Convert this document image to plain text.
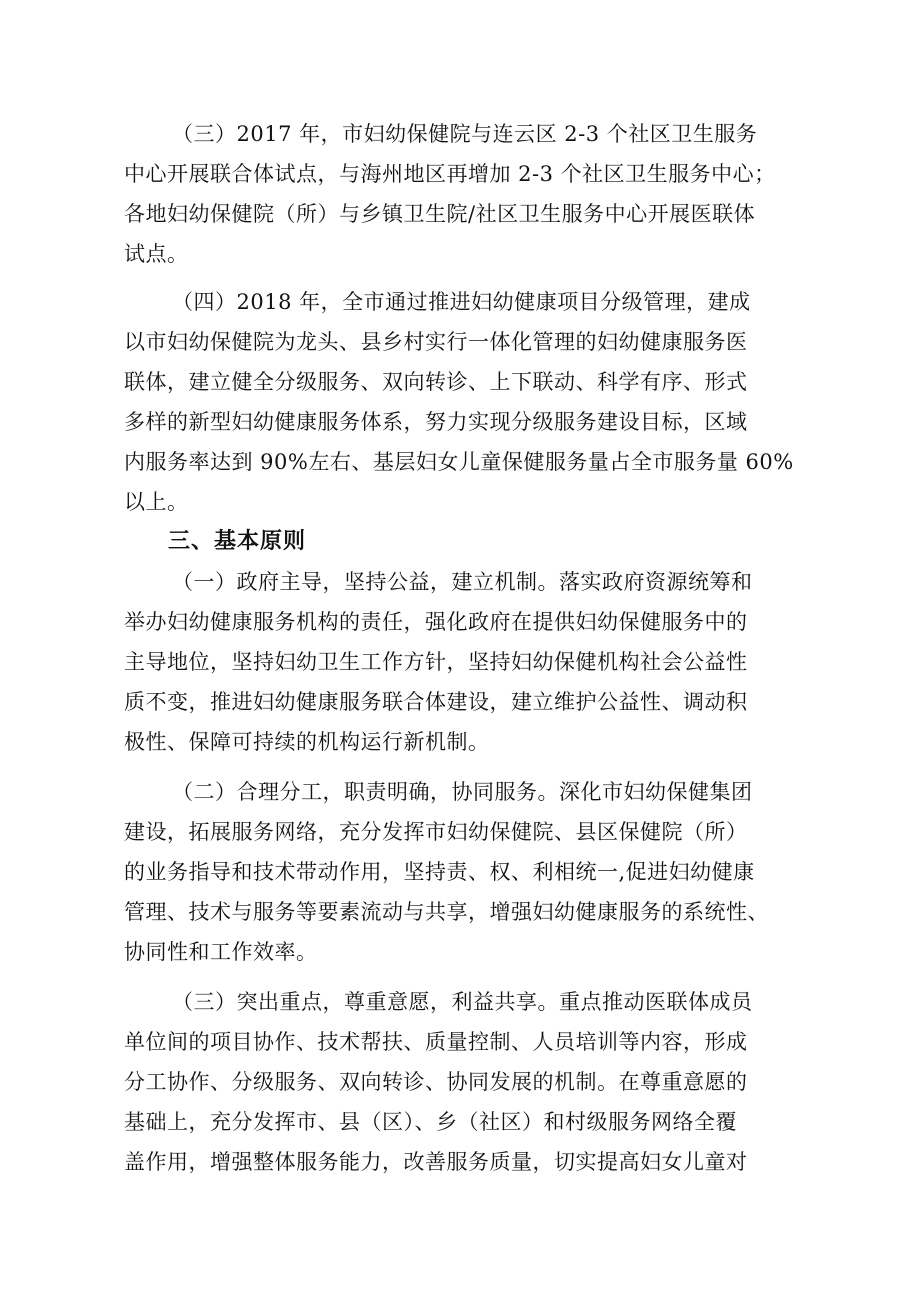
（三）2017 年，市妇幼保健院与连云区 2-3 个社区卫生服务
中心开展联合体试点，与海州地区再增加 2-3 个社区卫生服务中心；
各地妇幼保健院（所）与乡镇卫生院/社区卫生服务中心开展医联体
试点。
（四）2018 年，全市通过推进妇幼健康项目分级管理，建成
以市妇幼保健院为龙头、县乡村实行一体化管理的妇幼健康服务医
联体，建立健全分级服务、双向转诊、上下联动、科学有序、形式
多样的新型妇幼健康服务体系，努力实现分级服务建设目标，区域
内服务率达到 90%左右、基层妇女儿童保健服务量占全市服务量 60%
以上。
三、基本原则
（一）政府主导，坚持公益，建立机制。落实政府资源统筹和
举办妇幼健康服务机构的责任，强化政府在提供妇幼保健服务中的
主导地位，坚持妇幼卫生工作方针，坚持妇幼保健机构社会公益性
质不变，推进妇幼健康服务联合体建设，建立维护公益性、调动积
极性、保障可持续的机构运行新机制。
（二）合理分工，职责明确，协同服务。深化市妇幼保健集团
建设，拓展服务网络，充分发挥市妇幼保健院、县区保健院（所）
的业务指导和技术带动作用，坚持责、权、利相统一,促进妇幼健康
管理、技术与服务等要素流动与共享，增强妇幼健康服务的系统性、
协同性和工作效率。
（三）突出重点，尊重意愿，利益共享。重点推动医联体成员
单位间的项目协作、技术帮扶、质量控制、人员培训等内容，形成
分工协作、分级服务、双向转诊、协同发展的机制。在尊重意愿的
基础上，充分发挥市、县（区）、乡（社区）和村级服务网络全覆
盖作用，增强整体服务能力，改善服务质量，切实提高妇女儿童对
